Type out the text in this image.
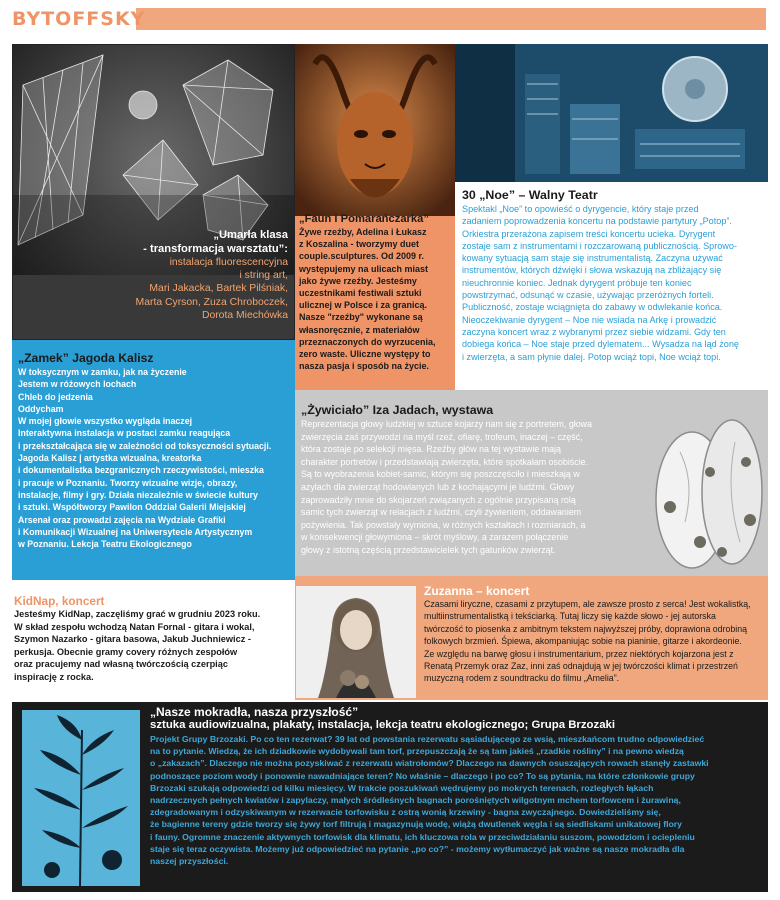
BYTOFFSKY
„Umarła klasa
- transformacja warsztatu”:
instalacja fluorescencyjna
i string art,
Mari Jakacka, Bartek Pilśniak,
Marta Cyrson, Zuza Chroboczek,
Dorota Miechówka
„Faun i Pomarańczarka”
Żywe rzeźby, Adelina i Łukasz
z Koszalina - tworzymy duet
couple.sculptures. Od 2009 r.
występujemy na ulicach miast
jako żywe rzeźby. Jesteśmy
uczestnikami festiwali sztuki
ulicznej w Polsce i za granicą.
Nasze "rzeźby" wykonane są
własnoręcznie, z materiałów
przeznaczonych do wyrzucenia,
zero waste. Uliczne występy to
nasza pasja i sposób na życie.
30 „Noe” – Walny Teatr
Spektakl „Noe” to opowieść o dyrygencie, który staje przed
zadaniem poprowadzenia koncertu na podstawie partytury „Potop”.
Orkiestra przerażona zapisem treści koncertu ucieka. Dyrygent
zostaje sam z instrumentami i rozczarowaną publicznością. Sprowo-
kowany sytuacją sam staje się instrumentalistą. Zaczyna używać
instrumentów, których dźwięki i słowa wskazują na zbliżający się
nieuchronnie koniec. Jednak dyrygent próbuje ten koniec
powstrzymać, odsunąć w czasie, używając przeróżnych forteli.
Publiczność, zostaje wciągnięta do zabawy w odwlekanie końca.
Nieoczekiwanie dyrygent – Noe nie wsiada na Arkę i prowadzić
zaczyna koncert wraz z wybranymi przez siebie widzami. Gdy ten
dobiega końca – Noe staje przed dylematem... Wysadza na ląd żonę
i zwierzęta, a sam płynie dalej. Potop wciąż topi, Noe wciąż topi.
„Zamek” Jagoda Kalisz
W toksycznym w zamku, jak na życzenie
Jestem w różowych lochach
Chleb do jedzenia
Oddycham
W mojej głowie wszystko wygląda inaczej
Interaktywna instalacja w postaci zamku reagująca
i przekształcająca się w zależności od toksyczności sytuacji.
Jagoda Kalisz | artystka wizualna, kreatorka
i dokumentalistka bezgranicznych rzeczywistości, mieszka
i pracuje w Poznaniu. Tworzy wizualne wizje, obrazy,
instalacje, filmy i gry. Działa niezależnie w świecie kultury
i sztuki. Współtworzy Pawilon Oddział Galerii Miejskiej
Arsenał oraz prowadzi zajęcia na Wydziale Grafiki
i Komunikacji Wizualnej na Uniwersytecie Artystycznym
w Poznaniu. Lekcja Teatru Ekologicznego
„Żywiciało” Iza Jadach, wystawa
Reprezentacja głowy ludzkiej w sztuce kojarzy nam się z portretem, głowa
zwierzęcia zaś przywodzi na myśl rzeź, ofiarę, trofeum, inaczej – część,
która zostaje po selekcji mięsa. Rzeźby głów na tej wystawie mają
charakter portretów i przedstawiają zwierzęta, które spotkałam osobiście.
Są to wyobrażenia kobiet-samic, którym się poszczęściło i mieszkają w
azylach dla zwierząt hodowlanych lub z kochającymi je ludźmi. Głowy
zaprowadziły mnie do skojarzeń związanych z ogólnie przypisaną rolą
samic tych zwierząt w relacjach z ludźmi, czyli żywieniem, oddawaniem
pożywienia. Tak powstały wymiona, w różnych kształtach i rozmiarach, a
w konsekwencji głowymiona – skrót myślowy, a zarazem połączenie
głowy z istotną częścią przedstawicielek tych gatunków zwierząt.
KidNap, koncert
Jesteśmy KidNap, zaczęliśmy grać w grudniu 2023 roku.
W skład zespołu wchodzą Natan Fornal - gitara i wokal,
Szymon Nazarko - gitara basowa, Jakub Juchniewicz -
perkusja. Obecnie gramy covery różnych zespołów
oraz pracujemy nad własną twórczością czerpiąc
inspirację z rocka.
Zuzanna – koncert
Czasami liryczne, czasami z przytupem, ale zawsze prosto z serca! Jest wokalistką,
multiinstrumentalistką i tekściarką. Tutaj liczy się każde słowo - jej autorska
twórczość to piosenka z ambitnym tekstem najwyższej próby, doprawiona odrobiną
folkowych brzmień. Śpiewa, akompaniując sobie na pianinie, gitarze i akordeonie.
Ze względu na barwę głosu i instrumentarium, przez niektórych kojarzona jest z
Renatą Przemyk oraz Zaz, inni zaś odnajdują w jej twórczości klimat i przestrzeń
muzyczną rodem z soundtracku do filmu „Amelia”.
„Nasze mokradła, nasza przyszłość”
sztuka audiowizualna, plakaty, instalacja, lekcja teatru ekologicznego; Grupa Brzozaki
Projekt Grupy Brzozaki. Po co ten rezerwat? 39 lat od powstania rezerwatu sąsiadującego ze wsią, mieszkańcom trudno odpowiedzieć
na to pytanie. Wiedzą, że ich dziadkowie wydobywali tam torf, przepuszczają że są tam jakieś „rzadkie rośliny” i na pewno wiedzą
o „zakazach”. Dlaczego nie można pozyskiwać z rezerwatu wiatrołomów? Dlaczego na dawnych osuszających rowach stanęły zastawki
podnoszące poziom wody i ponownie nawadniające teren? No właśnie – dlaczego i po co? To są pytania, na które członkowie grupy
Brzozaki szukają odpowiedzi od kilku miesięcy. W trakcie poszukiwań wędrujemy po mokrych terenach, rozległych łąkach
nadrzecznych pełnych kwiatów i zapylaczy, małych śródleśnych bagnach porośniętych wilgotnym mchem torfowcem i żurawiną,
zdegradowanym i odzyskiwanym w rezerwacie torfowisku z ostrą wonią krzewiny - bagna zwyczajnego. Dowiedzieliśmy się,
że bagienne tereny gdzie tworzy się żywy torf filtrują i magazynują wodę, wiążą dwutlenek węgla i są siedliskami unikatowej flory
i fauny. Ogromne znaczenie aktywnych torfowisk dla klimatu, ich kluczowa rola w przeciwdziałaniu suszom, powodziom i ociepleniu
staje się teraz oczywista. Możemy już odpowiedzieć na pytanie „po co?” - możemy wytłumaczyć jak ważne są nasze mokradła dla
naszej przyszłości.
